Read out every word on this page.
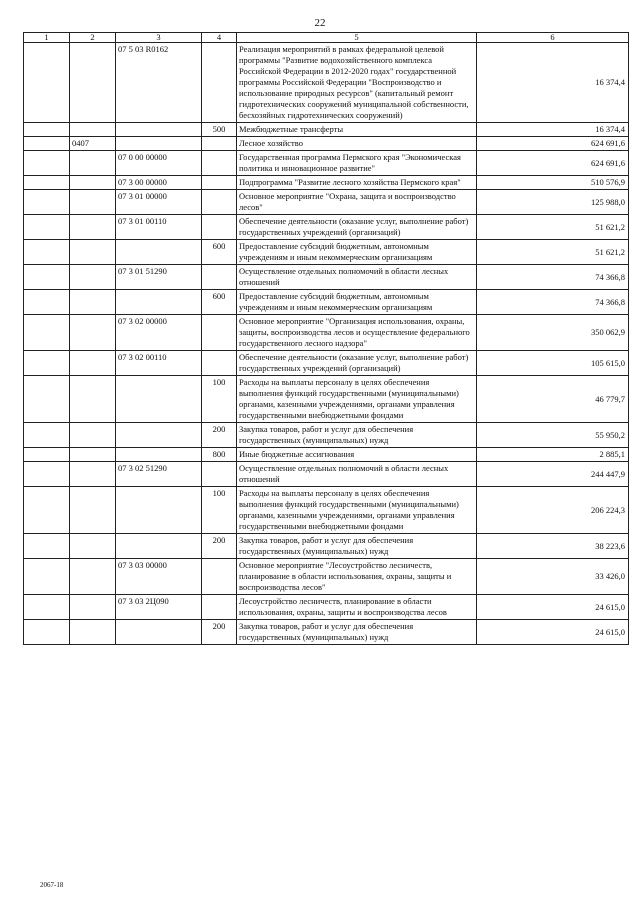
22
1	2	3	4	5	6
		07 5 03 R0162		Реализация мероприятий в рамках федеральной целевой программы "Развитие водохозяйственного комплекса Российской Федерации в 2012-2020 годах" государственной программы Российской Федерации "Воспроизводство и использование природных ресурсов" (капитальный ремонт гидротехнических сооружений муниципальной собственности, бесхозяйных гидротехнических сооружений)	16 374,4
			500	Межбюджетные трансферты	16 374,4
	0407			Лесное хозяйство	624 691,6
		07 0 00 00000		Государственная программа Пермского края "Экономическая политика и инновационное развитие"	624 691,6
		07 3 00 00000		Подпрограмма "Развитие лесного хозяйства Пермского края"	510 576,9
		07 3 01 00000		Основное мероприятие "Охрана, защита и воспроизводство лесов"	125 988,0
		07 3 01 00110		Обеспечение деятельности (оказание услуг, выполнение работ) государственных учреждений (организаций)	51 621,2
			600	Предоставление субсидий бюджетным, автономным учреждениям и иным некоммерческим организациям	51 621,2
		07 3 01 51290		Осуществление отдельных полномочий в области лесных отношений	74 366,8
			600	Предоставление субсидий бюджетным, автономным учреждениям и иным некоммерческим организациям	74 366,8
		07 3 02 00000		Основное мероприятие "Организация использования, охраны, защиты, воспроизводства лесов и осуществление федерального государственного лесного надзора"	350 062,9
		07 3 02 00110		Обеспечение деятельности (оказание услуг, выполнение работ) государственных учреждений (организаций)	105 615,0
			100	Расходы на выплаты персоналу в целях обеспечения выполнения функций государственными (муниципальными) органами, казенными учреждениями, органами управления государственными внебюджетными фондами	46 779,7
			200	Закупка товаров, работ и услуг для обеспечения государственных (муниципальных) нужд	55 950,2
			800	Иные бюджетные ассигнования	2 885,1
		07 3 02 51290		Осуществление отдельных полномочий в области лесных отношений	244 447,9
			100	Расходы на выплаты персоналу в целях обеспечения выполнения функций государственными (муниципальными) органами, казенными учреждениями, органами управления государственными внебюджетными фондами	206 224,3
			200	Закупка товаров, работ и услуг для обеспечения государственных (муниципальных) нужд	38 223,6
		07 3 03 00000		Основное мероприятие "Лесоустройство лесничеств, планирование в области использования, охраны, защиты и воспроизводства лесов"	33 426,0
		07 3 03 2Ц090		Лесоустройство лесничеств, планирование в области использования, охраны, защиты и воспроизводства лесов	24 615,0
			200	Закупка товаров, работ и услуг для обеспечения государственных (муниципальных) нужд	24 615,0
2067-18
